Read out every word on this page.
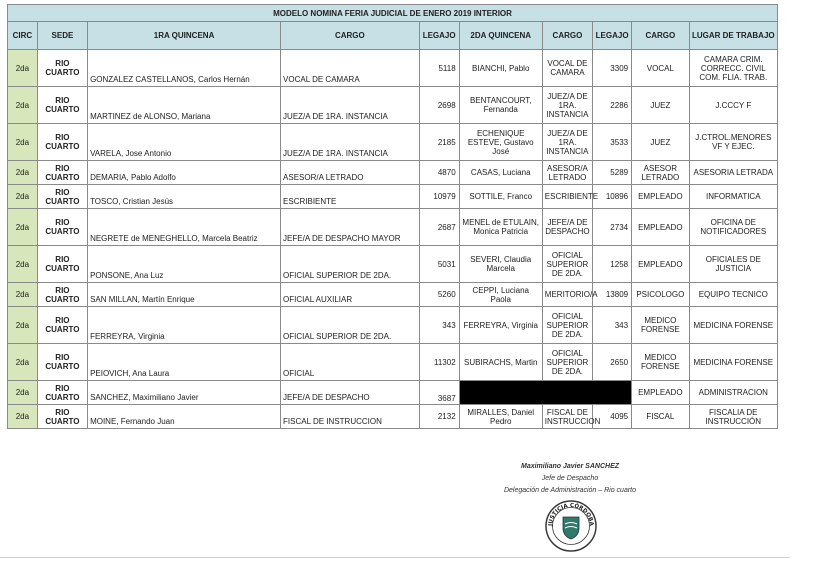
MODELO NOMINA FERIA JUDICIAL DE ENERO 2019 INTERIOR									
CIRC	SEDE	1RA QUINCENA	CARGO	LEGAJO	2DA QUINCENA	CARGO	LEGAJO	CARGO	LUGAR DE TRABAJO
2da	RIO CUARTO	GONZALEZ CASTELLANOS, Carlos Hernán	VOCAL DE CAMARA	5118	BIANCHI, Pablo	VOCAL DE CAMARA	3309	VOCAL	CAMARA CRIM. CORRECC. CIVIL COM. FLIA. TRAB.
2da	RIO CUARTO	MARTINEZ de ALONSO, Mariana	JUEZ/A DE 1RA. INSTANCIA	2698	BENTANCOURT, Fernanda	JUEZ/A DE 1RA. INSTANCIA	2286	JUEZ	J.CCCY F
2da	RIO CUARTO	VARELA, Jose Antonio	JUEZ/A DE 1RA. INSTANCIA	2185	ECHENIQUE ESTEVE, Gustavo José	JUEZ/A DE 1RA. INSTANCIA	3533	JUEZ	J.CTROL.MENORES VF Y EJEC.
2da	RIO CUARTO	DEMARIA, Pablo Adolfo	ASESOR/A LETRADO	4870	CASAS, Luciana	ASESOR/A LETRADO	5289	ASESOR LETRADO	ASESORIA LETRADA
2da	RIO CUARTO	TOSCO, Cristian Jesús	ESCRIBIENTE	10979	SOTTILE, Franco	ESCRIBIENTE	10896	EMPLEADO	INFORMATICA
2da	RIO CUARTO	NEGRETE de MENEGHELLO, Marcela Beatriz	JEFE/A DE DESPACHO MAYOR	2687	MENEL de ETULAIN, Monica Patricia	JEFE/A DE DESPACHO	2734	EMPLEADO	OFICINA DE NOTIFICADORES
2da	RIO CUARTO	PONSONE, Ana Luz	OFICIAL SUPERIOR DE 2DA.	5031	SEVERI, Claudia Marcela	OFICIAL SUPERIOR DE 2DA.	1258	EMPLEADO	OFICIALES DE JUSTICIA
2da	RIO CUARTO	SAN MILLAN, Martín Enrique	OFICIAL AUXILIAR	5260	CEPPI, Luciana Paola	MERITORIO/A	13809	PSICOLOGO	EQUIPO TECNICO
2da	RIO CUARTO	FERREYRA, Virginia	OFICIAL SUPERIOR DE 2DA.	343	FERREYRA, Virginia	OFICIAL SUPERIOR DE 2DA.	343	MEDICO FORENSE	MEDICINA FORENSE
2da	RIO CUARTO	PEIOVICH, Ana Laura	OFICIAL	11302	SUBIRACHS, Martin	OFICIAL SUPERIOR DE 2DA.	2650	MEDICO FORENSE	MEDICINA FORENSE
2da	RIO CUARTO	SANCHEZ, Maximiliano Javier	JEFE/A DE DESPACHO	3687				EMPLEADO	ADMINISTRACION
2da	RIO CUARTO	MOINE, Fernando Juan	FISCAL DE INSTRUCCION	2132	MIRALLES, Daniel Pedro	FISCAL DE INSTRUCCION	4095	FISCAL	FISCALIA DE INSTRUCCIÓN
Maximiliano Javier SANCHEZ
Jefe de Despacho
Delegación de Administración – Rio cuarto
JUSTICIA CÓRDOBA
